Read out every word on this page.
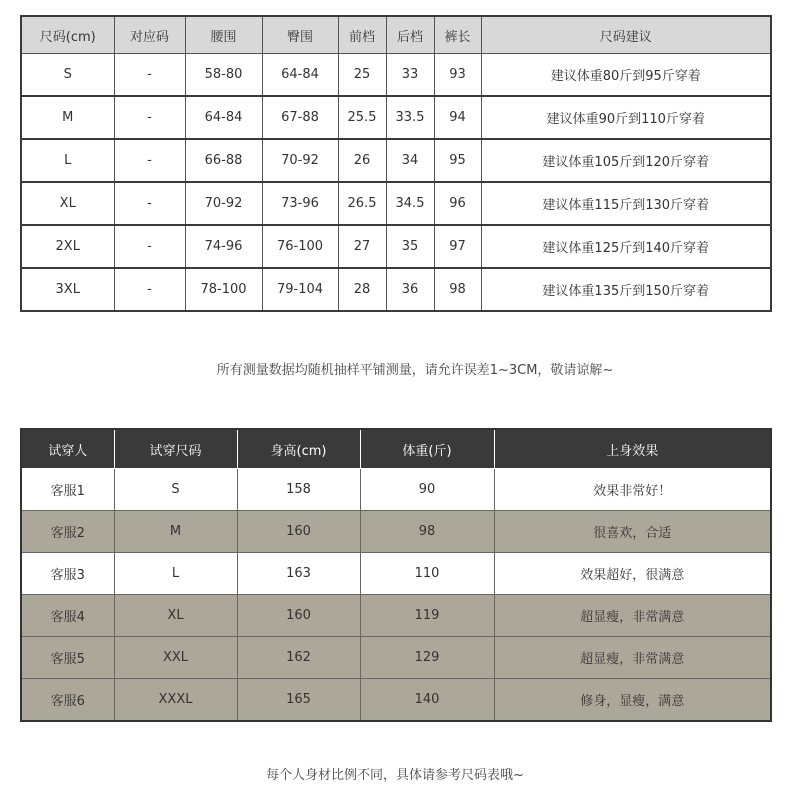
尺码(cm)	对应码	腰围	臀围	前档	后档	裤长	尺码建议
S	-	58-80	64-84	25	33	93	建议体重80斤到95斤穿着
M	-	64-84	67-88	25.5	33.5	94	建议体重90斤到110斤穿着
L	-	66-88	70-92	26	34	95	建议体重105斤到120斤穿着
XL	-	70-92	73-96	26.5	34.5	96	建议体重115斤到130斤穿着
2XL	-	74-96	76-100	27	35	97	建议体重125斤到140斤穿着
3XL	-	78-100	79-104	28	36	98	建议体重135斤到150斤穿着
所有测量数据均随机抽样平铺测量，请允许误差1~3CM，敬请谅解~
试穿人	试穿尺码	身高(cm)	体重(斤)	上身效果
客服1	S	158	90	效果非常好！
客服2	M	160	98	很喜欢，合适
客服3	L	163	110	效果超好，很满意
客服4	XL	160	119	超显瘦，非常满意
客服5	XXL	162	129	超显瘦，非常满意
客服6	XXXL	165	140	修身，显瘦，满意
每个人身材比例不同，具体请参考尺码表哦~
